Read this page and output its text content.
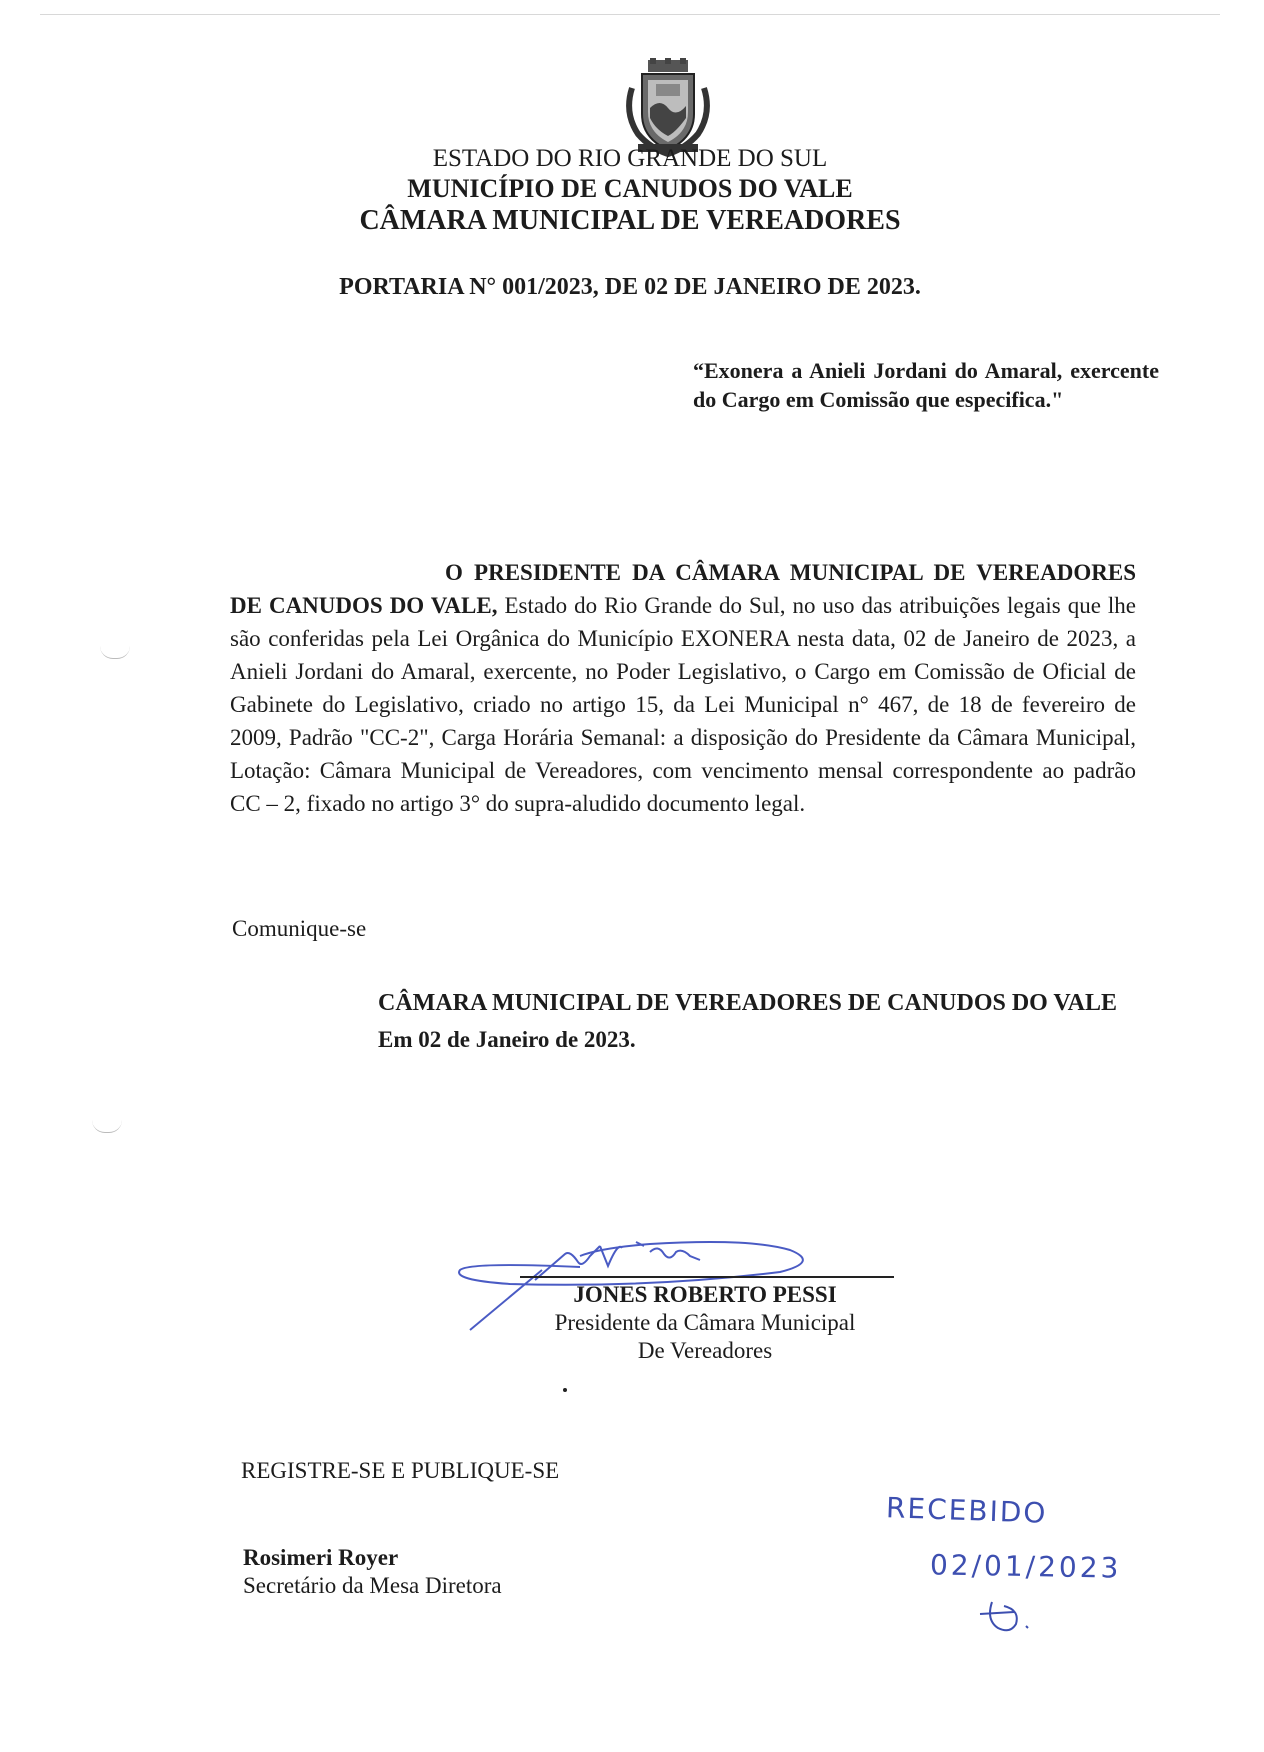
ESTADO DO RIO GRANDE DO SUL
MUNICÍPIO DE CANUDOS DO VALE
CÂMARA MUNICIPAL DE VEREADORES
PORTARIA N° 001/2023, DE 02 DE JANEIRO DE 2023.
“Exonera a Anieli Jordani do Amaral, exercente do Cargo em Comissão que especifica."
O PRESIDENTE DA CÂMARA MUNICIPAL DE VEREADORES DE CANUDOS DO VALE, Estado do Rio Grande do Sul, no uso das atribuições legais que lhe são conferidas pela Lei Orgânica do Município EXONERA nesta data, 02 de Janeiro de 2023, a Anieli Jordani do Amaral, exercente, no Poder Legislativo, o Cargo em Comissão de Oficial de Gabinete do Legislativo, criado no artigo 15, da Lei Municipal n° 467, de 18 de fevereiro de 2009, Padrão "CC-2", Carga Horária Semanal: a disposição do Presidente da Câmara Municipal, Lotação: Câmara Municipal de Vereadores, com vencimento mensal correspondente ao padrão CC – 2, fixado no artigo 3° do supra-aludido documento legal.
Comunique-se
CÂMARA MUNICIPAL DE VEREADORES DE CANUDOS DO VALE
Em 02 de Janeiro de 2023.
JONES ROBERTO PESSI
Presidente da Câmara Municipal
De Vereadores
REGISTRE-SE E PUBLIQUE-SE
Rosimeri Royer
Secretário da Mesa Diretora
RECEBIDO
02/01/2023
